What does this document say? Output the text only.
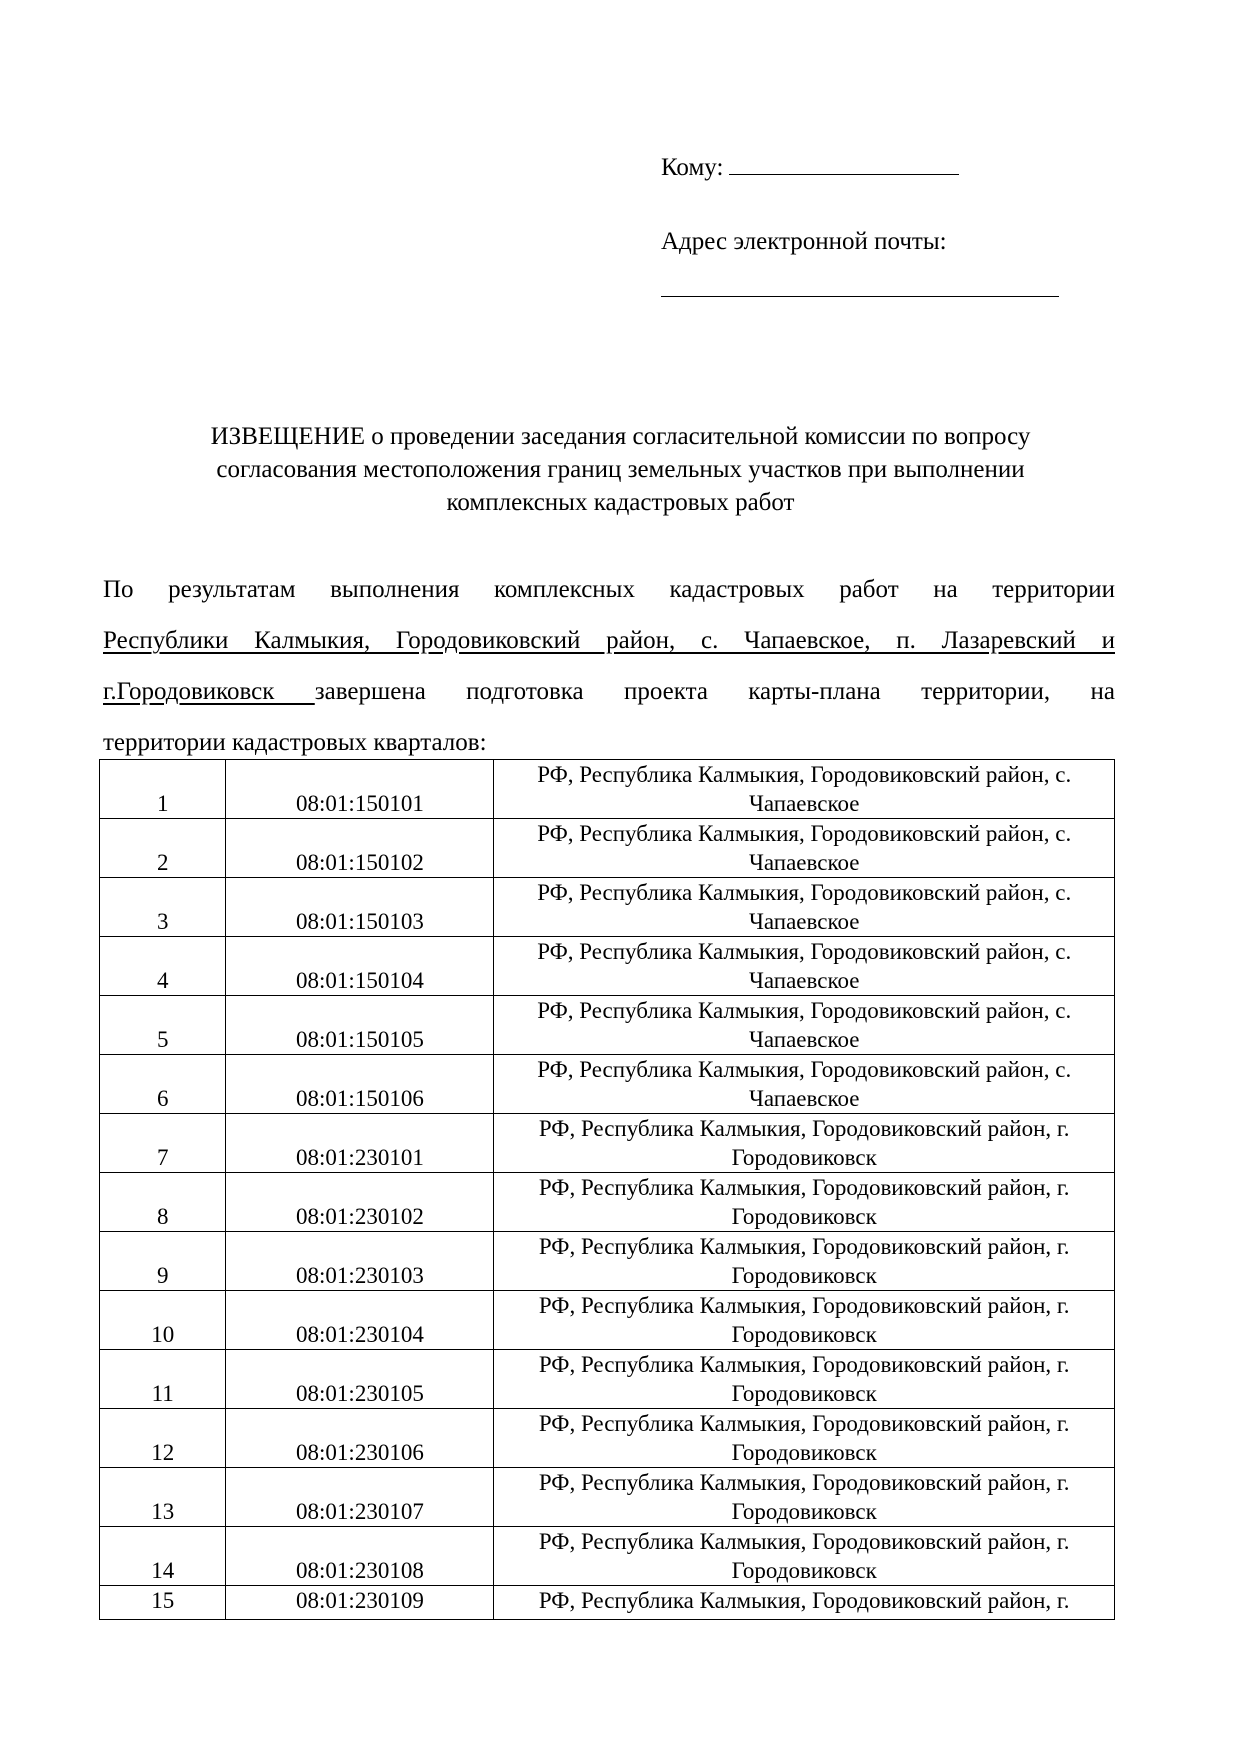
Кому:
Адрес электронной почты:
ИЗВЕЩЕНИЕ о проведении заседания согласительной комиссии по вопросу согласования местоположения границ земельных участков при выполнении комплексных кадастровых работ
По результатам выполнения комплексных кадастровых работ на территории
Республики Калмыкия, Городовиковский район, с. Чапаевское, п. Лазаревский и
г.Городовиковск завершена подготовка проекта карты-плана территории, на
территории кадастровых кварталов:
1	08:01:150101	РФ, Республика Калмыкия, Городовиковский район, с.
Чапаевское

2	08:01:150102	РФ, Республика Калмыкия, Городовиковский район, с.
Чапаевское

3	08:01:150103	РФ, Республика Калмыкия, Городовиковский район, с.
Чапаевское

4	08:01:150104	РФ, Республика Калмыкия, Городовиковский район, с.
Чапаевское

5	08:01:150105	РФ, Республика Калмыкия, Городовиковский район, с.
Чапаевское

6	08:01:150106	РФ, Республика Калмыкия, Городовиковский район, с.
Чапаевское

7	08:01:230101	РФ, Республика Калмыкия, Городовиковский район, г.
Городовиковск

8	08:01:230102	РФ, Республика Калмыкия, Городовиковский район, г.
Городовиковск

9	08:01:230103	РФ, Республика Калмыкия, Городовиковский район, г.
Городовиковск

10	08:01:230104	РФ, Республика Калмыкия, Городовиковский район, г.
Городовиковск

11	08:01:230105	РФ, Республика Калмыкия, Городовиковский район, г.
Городовиковск

12	08:01:230106	РФ, Республика Калмыкия, Городовиковский район, г.
Городовиковск

13	08:01:230107	РФ, Республика Калмыкия, Городовиковский район, г.
Городовиковск

14	08:01:230108	РФ, Республика Калмыкия, Городовиковский район, г.
Городовиковск

15	08:01:230109	РФ, Республика Калмыкия, Городовиковский район, г.
